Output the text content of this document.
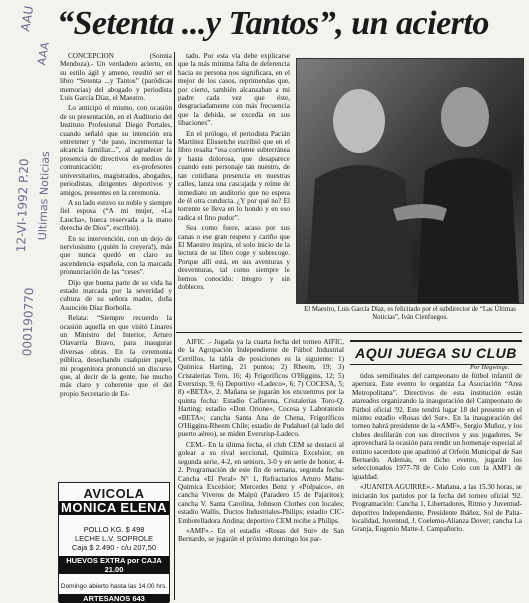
AAU
AAA
12-VI-1992 P.20 Ultimas Noticias
000190770
“Setenta ...y Tantos”, un acierto

CONCEPCION (Sonnia Mendoza).- Un verdadero acierto, en su estilo ágil y ameno, resultó ser el libro “Setenta ...y Tantos” (paródicas memorias) del abogado y periodista Luis García Díaz, el Maestro.

Lo anticipó el mismo, con ocasión de su presentación, en el Auditorio del Instituto Profesional Diego Portales, cuando señaló que su intención era entretener y “de paso, incrementar la alcancía familiar...”, al agradecer la presencia de directivos de medios de comunicación; ex-profesores universitarios, magistrados, abogados, periodistas, dirigentes deportivos y amigos, presentes en la ceremonia.

A su lado estuvo su noble y siempre fiel esposa (“A mi mujer, «La Laucha», hueca reservada a la mano derecha de Dios”, escribió).

En su intervención, con un dejo de nerviosismo (¡quién lo creyera!), más que nunca quedó en claro su ascendencia española, con la marcada pronunciación de las “ceses”.

Dijo que buena parte de su vida ha estado marcada por la severidad y cultura de su señora madre, doña Asunción Díaz Borbolla.

Relata: “Siempre recuerdo la ocasión aquella en que visitó Linares un Ministro del Interior, Arturo Olavarría Bravo, para inaugurar diversas obras. En la ceremonia pública, desechando cualquier papel, mi progenitora pronunció un discurso que, al decir de la gente, fue mucho más claro y coherente que el del propio Secretario de Es-

tado. Por esta vía debe explicarse que la más mínima falta de deferencia hacia su persona nos significara, en el mejor de los casos, reprimendas que, por cierto, también alcanzaban a mi padre cada vez que éste, desgraciadamente con más frecuencia que la debida, se excedía en sus libaciones”.

En el prólogo, el periodista Pacián Martínez Elissetche escribió que en el libro resalta “esa corriente subterránea y hasta dolorosa, que desaparece cuando este personaje tan nuestro, de tan cotidiana presencia en nuestras calles, lanza una cascajada y reíme de inmediato un auditorio que no espera de él otra conducta. ¿Y por qué no? El torrente se lleva en lo hondo y en eso radica el fino pudor”.

Sea como fuere, acaso por sus canas o ese gran respeto y cariño que El Maestro inspira, el solo inicio de la lectura de su libro coge y sobrecoge. Porque allí está, en sus aventuras y desventuras, tal como siempre le hemos conocido: íntegro y sin dobleces.

El Maestro, Luis García Díaz, es felicitado por el subdirector de “Las Últimas Noticias”, Iván Cienfuegos.
AVICOLA
MONICA ELENA
POLLO KG. $ 498
LECHE L.V. SOPROLE
Caja $ 2.490 - c/u 207,50
HUEVOS EXTRA por CAJA 21.00
Domingo abierto hasta las 14.00 hrs.
ARTESANOS 643
AQUI JUEGA SU CLUB
Por Hegwinge.

AIFIC .- Jugada ya la cuarta fecha del torneo AIFIC, de la Agrupación Independiente de Fútbol Industrial Cerrillos, la tabla de posiciones es la siguiente: 1) Química Harting, 21 puntos; 2) Rheem, 19; 3) Cristalerías Toro, 16; 4) Frigoríficos O'Higgins, 12; 5) Eversrisp, 9; 6) Deportivo «Ladeco», 6; 7) COCESA, 5; 8) «BETA», 2. Mañana se jugarán los encuentros por la quinta fecha: Estadio Caffarena, Cristalerías Toro-Q. Harting; estadio «Don Orione», Cocesa y Laboratorio «BETA»; cancha Santa Ana de Chena, Frigoríficos O'Higgins-Rheem Chile; estadio de Pudahuel (al lado del puerto aéreo), se miden Eversrisp-Ladeco.

CEM.- En la última fecha, el club CEM se destacó al golear a su rival seccional, Química Excelsior, en segunda serie, 4-2, en seniors, 3-0 y en serie de honor, 4-2. Programación de este fin de semana, segunda fecha: Cancha «El Peral» N° 1, Refractarios Arturo Matte-Química Excelsior; Mercedes Benz y «Polpaico», en cancha Viveros de Maipú (Paradero 15 de Pajaritos); cancha V. Santa Carolina, Johnson Clothes con locales; estadio Wallis, Ductos Industriales-Philips; estadio CIC-Embotelladora Andina; deportivo CEM recibe a Philips.

«AMF».- En el estadio «Rosas del Sur» de San Bernardo, se jugarán el próximo domingo los par-

tidos semifinales del campeonato de fútbol infantil de apertura. Este evento lo organiza La Asociación “Area Metropolitana”. Directivos de esta institución están atareados organizando la inauguración del Campeonato de Fútbol oficial '92. Este tendrá lugar 18 del presente en el mismo estadio «Rosas del Sur». En la inauguración del torneo habrá presidente de la «AMF», Sergio Muñoz, y los clubes desfilarán con sus directivos y sus jugadores. Se aprovechará la ocasión para rendir un homenaje especial al extinto sacerdote que apadrinó al Orfeón Municipal de San Bernardo. Además, en dicho evento, jugarán los seleccionados 1977-78 de Colo Colo con la AMF1 de igualdad.

«JUANITA AGUIRRE».- Mañana, a las 15.30 horas, se iniciarán los partidos por la fecha del torneo oficial '92. Programación: Cancha 1, Libertadores, Ritmo y Juventud-deportivo Independiente, Presidente Ibáñez, Sol de Palta-localidad, Juventud, J. Coelemu-Alianza Dover; cancha La Granja, Eugenio Matte-J. Campañurio.
